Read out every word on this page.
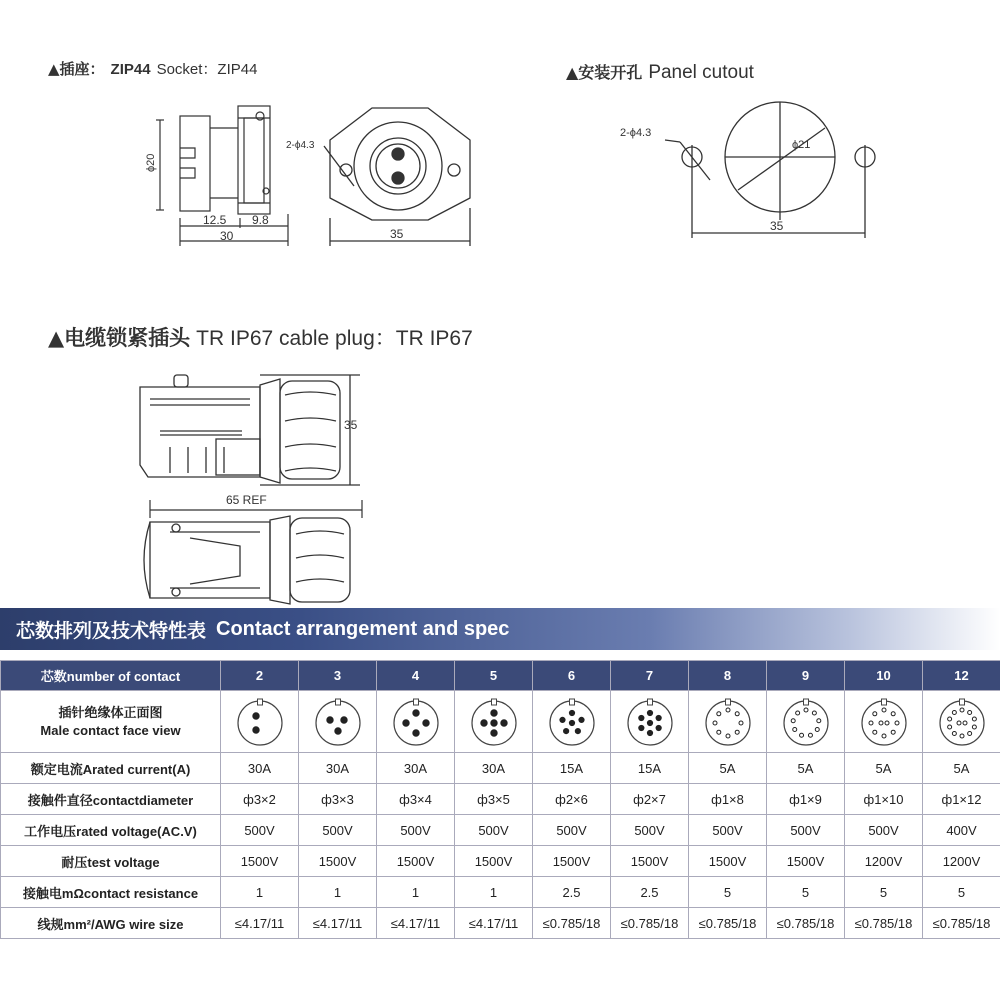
▲插座： ZIP44 Socket：ZIP44	▲安装开孔 Panel cutout
▲电缆锁紧插头 TR IP67 cable plug：TR IP67
ϕ20
12.5 9.8
30
2-ϕ4.3
35
2-ϕ4.3
ϕ21
35
35
65 REF
芯数排列及技术特性表 Contact arrangement and spec
芯数number of contact	2	3	4	5	6	7	8	9	10	12

插针绝缘体正面图
Male contact face view

额定电流Arated current(A)	30A	30A	30A	30A	15A	15A	5A	5A	5A	5A
接触件直径contactdiameter	ф3×2	ф3×3	ф3×4	ф3×5	ф2×6	ф2×7	ф1×8	ф1×9	ф1×10	ф1×12
工作电压rated voltage(AC.V)	500V	500V	500V	500V	500V	500V	500V	500V	500V	400V
耐压test voltage	1500V	1500V	1500V	1500V	1500V	1500V	1500V	1500V	1200V	1200V
接触电mΩcontact resistance	1	1	1	1	2.5	2.5	5	5	5	5
线规mm²/AWG wire size	≤4.17/11	≤4.17/11	≤4.17/11	≤4.17/11	≤0.785/18	≤0.785/18	≤0.785/18	≤0.785/18	≤0.785/18	≤0.785/18
